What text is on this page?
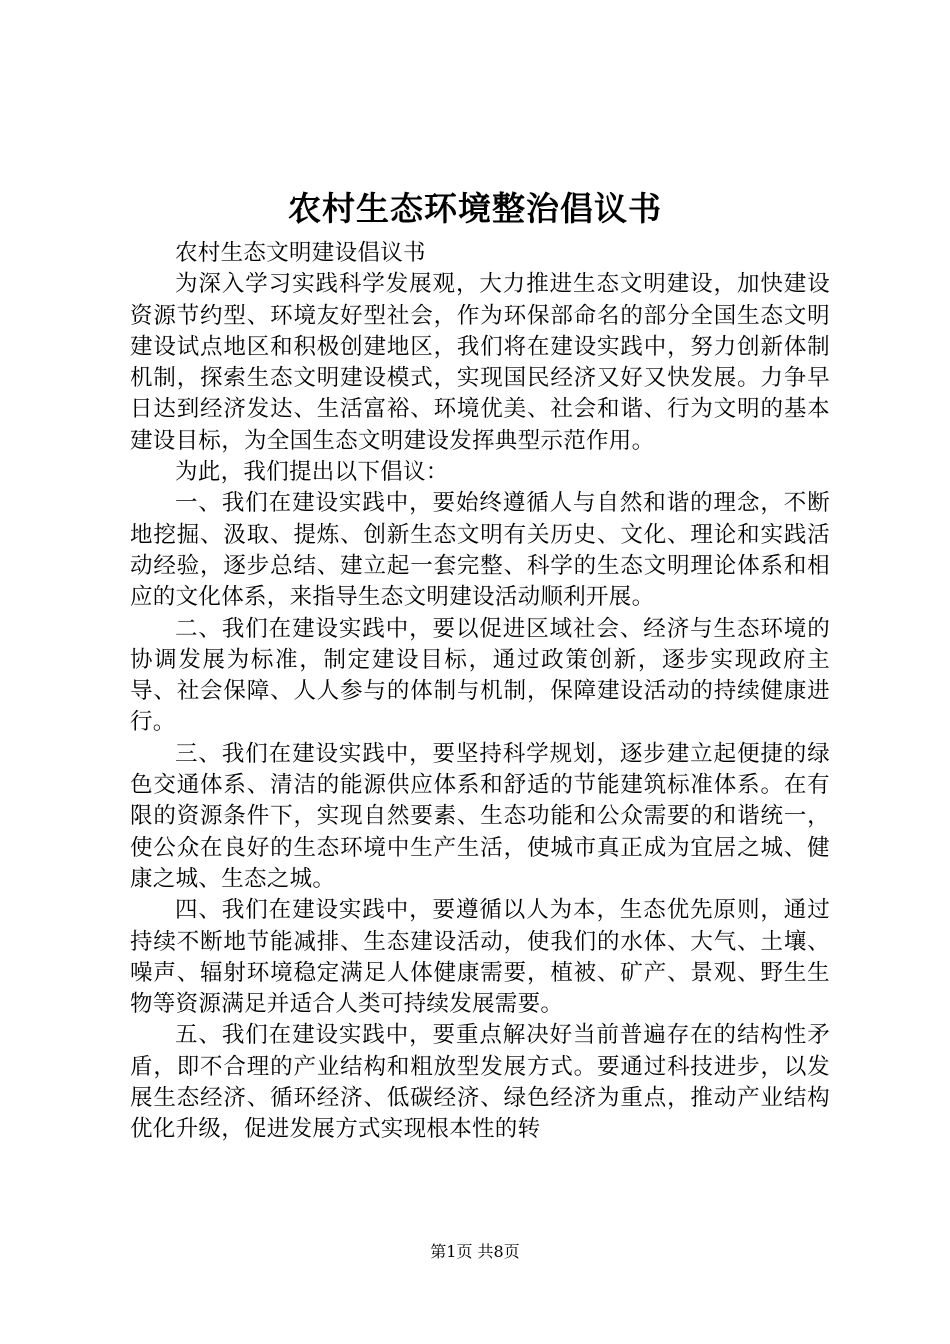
农村生态环境整治倡议书

农村生态文明建设倡议书

为深入学习实践科学发展观，大力推进生态文明建设，加快建设资源节约型、环境友好型社会，作为环保部命名的部分全国生态文明建设试点地区和积极创建地区，我们将在建设实践中，努力创新体制机制，探索生态文明建设模式，实现国民经济又好又快发展。力争早日达到经济发达、生活富裕、环境优美、社会和谐、行为文明的基本建设目标，为全国生态文明建设发挥典型示范作用。

为此，我们提出以下倡议：

一、我们在建设实践中，要始终遵循人与自然和谐的理念，不断地挖掘、汲取、提炼、创新生态文明有关历史、文化、理论和实践活动经验，逐步总结、建立起一套完整、科学的生态文明理论体系和相应的文化体系，来指导生态文明建设活动顺利开展。

二、我们在建设实践中，要以促进区域社会、经济与生态环境的协调发展为标准，制定建设目标，通过政策创新，逐步实现政府主导、社会保障、人人参与的体制与机制，保障建设活动的持续健康进行。

三、我们在建设实践中，要坚持科学规划，逐步建立起便捷的绿色交通体系、清洁的能源供应体系和舒适的节能建筑标准体系。在有限的资源条件下，实现自然要素、生态功能和公众需要的和谐统一，使公众在良好的生态环境中生产生活，使城市真正成为宜居之城、健康之城、生态之城。

四、我们在建设实践中，要遵循以人为本，生态优先原则，通过持续不断地节能减排、生态建设活动，使我们的水体、大气、土壤、噪声、辐射环境稳定满足人体健康需要，植被、矿产、景观、野生生物等资源满足并适合人类可持续发展需要。

五、我们在建设实践中，要重点解决好当前普遍存在的结构性矛盾，即不合理的产业结构和粗放型发展方式。要通过科技进步，以发展生态经济、循环经济、低碳经济、绿色经济为重点，推动产业结构优化升级，促进发展方式实现根本性的转

第1页 共8页
